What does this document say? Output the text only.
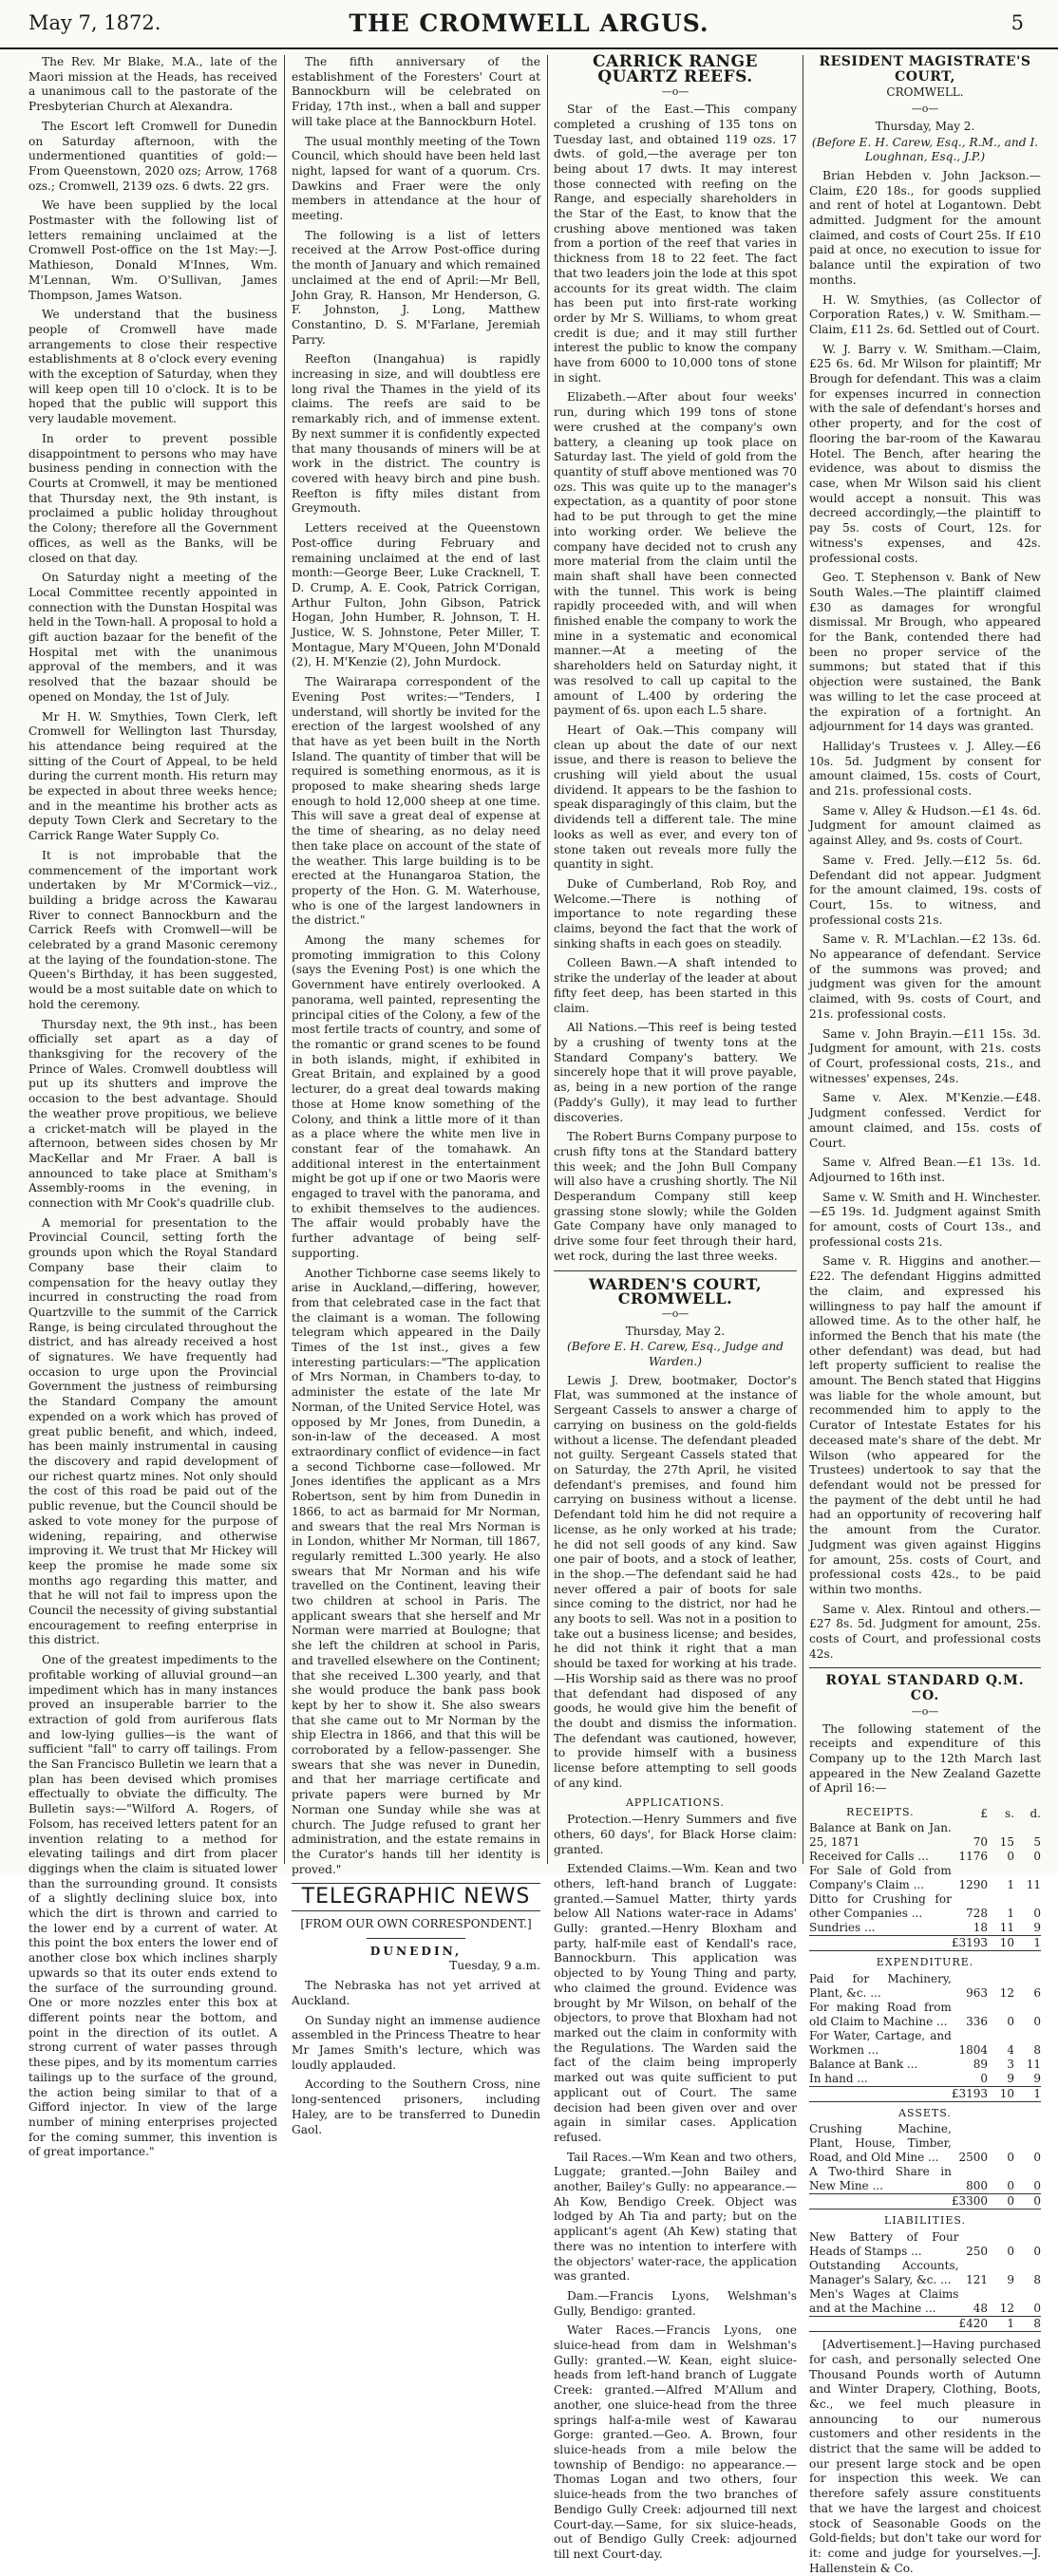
May 7, 1872.	THE CROMWELL ARGUS.	5

The Rev. Mr Blake, M.A., late of the Maori mission at the Heads, has received a unanimous call to the pastorate of the Presbyterian Church at Alexandra.

The Escort left Cromwell for Dunedin on Saturday afternoon, with the undermentioned quantities of gold:—From Queenstown, 2020 ozs; Arrow, 1768 ozs.; Cromwell, 2139 ozs. 6 dwts. 22 grs.

We have been supplied by the local Postmaster with the following list of letters remaining unclaimed at the Cromwell Post-office on the 1st May:—J. Mathieson, Donald M'Innes, Wm. M'Lennan, Wm. O'Sullivan, James Thompson, James Watson.

We understand that the business people of Cromwell have made arrangements to close their respective establishments at 8 o'clock every evening with the exception of Saturday, when they will keep open till 10 o'clock. It is to be hoped that the public will support this very laudable movement.

In order to prevent possible disappointment to persons who may have business pending in connection with the Courts at Cromwell, it may be mentioned that Thursday next, the 9th instant, is proclaimed a public holiday throughout the Colony; therefore all the Government offices, as well as the Banks, will be closed on that day.

On Saturday night a meeting of the Local Committee recently appointed in connection with the Dunstan Hospital was held in the Town-hall. A proposal to hold a gift auction bazaar for the benefit of the Hospital met with the unanimous approval of the members, and it was resolved that the bazaar should be opened on Monday, the 1st of July.

Mr H. W. Smythies, Town Clerk, left Cromwell for Wellington last Thursday, his attendance being required at the sitting of the Court of Appeal, to be held during the current month. His return may be expected in about three weeks hence; and in the meantime his brother acts as deputy Town Clerk and Secretary to the Carrick Range Water Supply Co.

It is not improbable that the commencement of the important work undertaken by Mr M'Cormick—viz., building a bridge across the Kawarau River to connect Bannockburn and the Carrick Reefs with Cromwell—will be celebrated by a grand Masonic ceremony at the laying of the foundation-stone. The Queen's Birthday, it has been suggested, would be a most suitable date on which to hold the ceremony.

Thursday next, the 9th inst., has been officially set apart as a day of thanksgiving for the recovery of the Prince of Wales. Cromwell doubtless will put up its shutters and improve the occasion to the best advantage. Should the weather prove propitious, we believe a cricket-match will be played in the afternoon, between sides chosen by Mr MacKellar and Mr Fraer. A ball is announced to take place at Smitham's Assembly-rooms in the evening, in connection with Mr Cook's quadrille club.

A memorial for presentation to the Provincial Council, setting forth the grounds upon which the Royal Standard Company base their claim to compensation for the heavy outlay they incurred in constructing the road from Quartzville to the summit of the Carrick Range, is being circulated throughout the district, and has already received a host of signatures. We have frequently had occasion to urge upon the Provincial Government the justness of reimbursing the Standard Company the amount expended on a work which has proved of great public benefit, and which, indeed, has been mainly instrumental in causing the discovery and rapid development of our richest quartz mines. Not only should the cost of this road be paid out of the public revenue, but the Council should be asked to vote money for the purpose of widening, repairing, and otherwise improving it. We trust that Mr Hickey will keep the promise he made some six months ago regarding this matter, and that he will not fail to impress upon the Council the necessity of giving substantial encouragement to reefing enterprise in this district.

One of the greatest impediments to the profitable working of alluvial ground—an impediment which has in many instances proved an insuperable barrier to the extraction of gold from auriferous flats and low-lying gullies—is the want of sufficient "fall" to carry off tailings. From the San Francisco Bulletin we learn that a plan has been devised which promises effectually to obviate the difficulty. The Bulletin says:—"Wilford A. Rogers, of Folsom, has received letters patent for an invention relating to a method for elevating tailings and dirt from placer diggings when the claim is situated lower than the surrounding ground. It consists of a slightly declining sluice box, into which the dirt is thrown and carried to the lower end by a current of water. At this point the box enters the lower end of another close box which inclines sharply upwards so that its outer ends extend to the surface of the surrounding ground. One or more nozzles enter this box at different points near the bottom, and point in the direction of its outlet. A strong current of water passes through these pipes, and by its momentum carries tailings up to the surface of the ground, the action being similar to that of a Gifford injector. In view of the large number of mining enterprises projected for the coming summer, this invention is of great importance."

The fifth anniversary of the establishment of the Foresters' Court at Bannockburn will be celebrated on Friday, 17th inst., when a ball and supper will take place at the Bannockburn Hotel.

The usual monthly meeting of the Town Council, which should have been held last night, lapsed for want of a quorum. Crs. Dawkins and Fraer were the only members in attendance at the hour of meeting.

The following is a list of letters received at the Arrow Post-office during the month of January and which remained unclaimed at the end of April:—Mr Bell, John Gray, R. Hanson, Mr Henderson, G. F. Johnston, J. Long, Matthew Constantino, D. S. M'Farlane, Jeremiah Parry.

Reefton (Inangahua) is rapidly increasing in size, and will doubtless ere long rival the Thames in the yield of its claims. The reefs are said to be remarkably rich, and of immense extent. By next summer it is confidently expected that many thousands of miners will be at work in the district. The country is covered with heavy birch and pine bush. Reefton is fifty miles distant from Greymouth.

Letters received at the Queenstown Post-office during February and remaining unclaimed at the end of last month:—George Beer, Luke Cracknell, T. D. Crump, A. E. Cook, Patrick Corrigan, Arthur Fulton, John Gibson, Patrick Hogan, John Humber, R. Johnson, T. H. Justice, W. S. Johnstone, Peter Miller, T. Montague, Mary M'Queen, John M'Donald (2), H. M'Kenzie (2), John Murdock.

The Wairarapa correspondent of the Evening Post writes:—"Tenders, I understand, will shortly be invited for the erection of the largest woolshed of any that have as yet been built in the North Island. The quantity of timber that will be required is something enormous, as it is proposed to make shearing sheds large enough to hold 12,000 sheep at one time. This will save a great deal of expense at the time of shearing, as no delay need then take place on account of the state of the weather. This large building is to be erected at the Hunangaroa Station, the property of the Hon. G. M. Waterhouse, who is one of the largest landowners in the district."

Among the many schemes for promoting immigration to this Colony (says the Evening Post) is one which the Government have entirely overlooked. A panorama, well painted, representing the principal cities of the Colony, a few of the most fertile tracts of country, and some of the romantic or grand scenes to be found in both islands, might, if exhibited in Great Britain, and explained by a good lecturer, do a great deal towards making those at Home know something of the Colony, and think a little more of it than as a place where the white men live in constant fear of the tomahawk. An additional interest in the entertainment might be got up if one or two Maoris were engaged to travel with the panorama, and to exhibit themselves to the audiences. The affair would probably have the further advantage of being self-supporting.

Another Tichborne case seems likely to arise in Auckland,—differing, however, from that celebrated case in the fact that the claimant is a woman. The following telegram which appeared in the Daily Times of the 1st inst., gives a few interesting particulars:—"The application of Mrs Norman, in Chambers to-day, to administer the estate of the late Mr Norman, of the United Service Hotel, was opposed by Mr Jones, from Dunedin, a son-in-law of the deceased. A most extraordinary conflict of evidence—in fact a second Tichborne case—followed. Mr Jones identifies the applicant as a Mrs Robertson, sent by him from Dunedin in 1866, to act as barmaid for Mr Norman, and swears that the real Mrs Norman is in London, whither Mr Norman, till 1867, regularly remitted L.300 yearly. He also swears that Mr Norman and his wife travelled on the Continent, leaving their two children at school in Paris. The applicant swears that she herself and Mr Norman were married at Boulogne; that she left the children at school in Paris, and travelled elsewhere on the Continent; that she received L.300 yearly, and that she would produce the bank pass book kept by her to show it. She also swears that she came out to Mr Norman by the ship Electra in 1866, and that this will be corroborated by a fellow-passenger. She swears that she was never in Dunedin, and that her marriage certificate and private papers were burned by Mr Norman one Sunday while she was at church. The Judge refused to grant her administration, and the estate remains in the Curator's hands till her identity is proved."

TELEGRAPHIC NEWS
[FROM OUR OWN CORRESPONDENT.]
DUNEDIN,
Tuesday, 9 a.m.

The Nebraska has not yet arrived at Auckland.

On Sunday night an immense audience assembled in the Princess Theatre to hear Mr James Smith's lecture, which was loudly applauded.

According to the Southern Cross, nine long-sentenced prisoners, including Haley, are to be transferred to Dunedin Gaol.

CARRICK RANGE QUARTZ REEFS.
—o—

Star of the East.—This company completed a crushing of 135 tons on Tuesday last, and obtained 119 ozs. 17 dwts. of gold,—the average per ton being about 17 dwts. It may interest those connected with reefing on the Range, and especially shareholders in the Star of the East, to know that the crushing above mentioned was taken from a portion of the reef that varies in thickness from 18 to 22 feet. The fact that two leaders join the lode at this spot accounts for its great width. The claim has been put into first-rate working order by Mr S. Williams, to whom great credit is due; and it may still further interest the public to know the company have from 6000 to 10,000 tons of stone in sight.

Elizabeth.—After about four weeks' run, during which 199 tons of stone were crushed at the company's own battery, a cleaning up took place on Saturday last. The yield of gold from the quantity of stuff above mentioned was 70 ozs. This was quite up to the manager's expectation, as a quantity of poor stone had to be put through to get the mine into working order. We believe the company have decided not to crush any more material from the claim until the main shaft shall have been connected with the tunnel. This work is being rapidly proceeded with, and will when finished enable the company to work the mine in a systematic and economical manner.—At a meeting of the shareholders held on Saturday night, it was resolved to call up capital to the amount of L.400 by ordering the payment of 6s. upon each L.5 share.

Heart of Oak.—This company will clean up about the date of our next issue, and there is reason to believe the crushing will yield about the usual dividend. It appears to be the fashion to speak disparagingly of this claim, but the dividends tell a different tale. The mine looks as well as ever, and every ton of stone taken out reveals more fully the quantity in sight.

Duke of Cumberland, Rob Roy, and Welcome.—There is nothing of importance to note regarding these claims, beyond the fact that the work of sinking shafts in each goes on steadily.

Colleen Bawn.—A shaft intended to strike the underlay of the leader at about fifty feet deep, has been started in this claim.

All Nations.—This reef is being tested by a crushing of twenty tons at the Standard Company's battery. We sincerely hope that it will prove payable, as, being in a new portion of the range (Paddy's Gully), it may lead to further discoveries.

The Robert Burns Company purpose to crush fifty tons at the Standard battery this week; and the John Bull Company will also have a crushing shortly. The Nil Desperandum Company still keep grassing stone slowly; while the Golden Gate Company have only managed to drive some four feet through their hard, wet rock, during the last three weeks.

WARDEN'S COURT, CROMWELL.
—o—
Thursday, May 2.
(Before E. H. Carew, Esq., Judge and Warden.)

Lewis J. Drew, bootmaker, Doctor's Flat, was summoned at the instance of Sergeant Cassels to answer a charge of carrying on business on the gold-fields without a license. The defendant pleaded not guilty. Sergeant Cassels stated that on Saturday, the 27th April, he visited defendant's premises, and found him carrying on business without a license. Defendant told him he did not require a license, as he only worked at his trade; he did not sell goods of any kind. Saw one pair of boots, and a stock of leather, in the shop.—The defendant said he had never offered a pair of boots for sale since coming to the district, nor had he any boots to sell. Was not in a position to take out a business license; and besides, he did not think it right that a man should be taxed for working at his trade.—His Worship said as there was no proof that defendant had disposed of any goods, he would give him the benefit of the doubt and dismiss the information. The defendant was cautioned, however, to provide himself with a business license before attempting to sell goods of any kind.

APPLICATIONS.

Protection.—Henry Summers and five others, 60 days', for Black Horse claim: granted.

Extended Claims.—Wm. Kean and two others, left-hand branch of Luggate: granted.—Samuel Matter, thirty yards below All Nations water-race in Adams' Gully: granted.—Henry Bloxham and party, half-mile east of Kendall's race, Bannockburn. This application was objected to by Young Thing and party, who claimed the ground. Evidence was brought by Mr Wilson, on behalf of the objectors, to prove that Bloxham had not marked out the claim in conformity with the Regulations. The Warden said the fact of the claim being improperly marked out was quite sufficient to put applicant out of Court. The same decision had been given over and over again in similar cases. Application refused.

Tail Races.—Wm Kean and two others, Luggate; granted.—John Bailey and another, Bailey's Gully: no appearance.—Ah Kow, Bendigo Creek. Object was lodged by Ah Tia and party; but on the applicant's agent (Ah Kew) stating that there was no intention to interfere with the objectors' water-race, the application was granted.

Dam.—Francis Lyons, Welshman's Gully, Bendigo: granted.

Water Races.—Francis Lyons, one sluice-head from dam in Welshman's Gully: granted.—W. Kean, eight sluice-heads from left-hand branch of Luggate Creek: granted.—Alfred M'Allum and another, one sluice-head from the three springs half-a-mile west of Kawarau Gorge: granted.—Geo. A. Brown, four sluice-heads from a mile below the township of Bendigo: no appearance.—Thomas Logan and two others, four sluice-heads from the two branches of Bendigo Gully Creek: adjourned till next Court-day.—Same, for six sluice-heads, out of Bendigo Gully Creek: adjourned till next Court-day.

RESIDENT MAGISTRATE'S COURT,
CROMWELL.
—o—
Thursday, May 2.
(Before E. H. Carew, Esq., R.M., and I. Loughnan, Esq., J.P.)

Brian Hebden v. John Jackson.—Claim, £20 18s., for goods supplied and rent of hotel at Logantown. Debt admitted. Judgment for the amount claimed, and costs of Court 25s. If £10 paid at once, no execution to issue for balance until the expiration of two months.

H. W. Smythies, (as Collector of Corporation Rates,) v. W. Smitham.—Claim, £11 2s. 6d. Settled out of Court.

W. J. Barry v. W. Smitham.—Claim, £25 6s. 6d. Mr Wilson for plaintiff; Mr Brough for defendant. This was a claim for expenses incurred in connection with the sale of defendant's horses and other property, and for the cost of flooring the bar-room of the Kawarau Hotel. The Bench, after hearing the evidence, was about to dismiss the case, when Mr Wilson said his client would accept a nonsuit. This was decreed accordingly,—the plaintiff to pay 5s. costs of Court, 12s. for witness's expenses, and 42s. professional costs.

Geo. T. Stephenson v. Bank of New South Wales.—The plaintiff claimed £30 as damages for wrongful dismissal. Mr Brough, who appeared for the Bank, contended there had been no proper service of the summons; but stated that if this objection were sustained, the Bank was willing to let the case proceed at the expiration of a fortnight. An adjournment for 14 days was granted.

Halliday's Trustees v. J. Alley.—£6 10s. 5d. Judgment by consent for amount claimed, 15s. costs of Court, and 21s. professional costs.

Same v. Alley & Hudson.—£1 4s. 6d. Judgment for amount claimed as against Alley, and 9s. costs of Court.

Same v. Fred. Jelly.—£12 5s. 6d. Defendant did not appear. Judgment for the amount claimed, 19s. costs of Court, 15s. to witness, and professional costs 21s.

Same v. R. M'Lachlan.—£2 13s. 6d. No appearance of defendant. Service of the summons was proved; and judgment was given for the amount claimed, with 9s. costs of Court, and 21s. professional costs.

Same v. John Brayin.—£11 15s. 3d. Judgment for amount, with 21s. costs of Court, professional costs, 21s., and witnesses' expenses, 24s.

Same v. Alex. M'Kenzie.—£48. Judgment confessed. Verdict for amount claimed, and 15s. costs of Court.

Same v. Alfred Bean.—£1 13s. 1d. Adjourned to 16th inst.

Same v. W. Smith and H. Winchester.—£5 19s. 1d. Judgment against Smith for amount, costs of Court 13s., and professional costs 21s.

Same v. R. Higgins and another.—£22. The defendant Higgins admitted the claim, and expressed his willingness to pay half the amount if allowed time. As to the other half, he informed the Bench that his mate (the other defendant) was dead, but had left property sufficient to realise the amount. The Bench stated that Higgins was liable for the whole amount, but recommended him to apply to the Curator of Intestate Estates for his deceased mate's share of the debt. Mr Wilson (who appeared for the Trustees) undertook to say that the defendant would not be pressed for the payment of the debt until he had had an opportunity of recovering half the amount from the Curator. Judgment was given against Higgins for amount, 25s. costs of Court, and professional costs 42s., to be paid within two months.

Same v. Alex. Rintoul and others.—£27 8s. 5d. Judgment for amount, 25s. costs of Court, and professional costs 42s.

ROYAL STANDARD Q.M. CO.
—o—

The following statement of the receipts and expenditure of this Company up to the 12th March last appeared in the New Zealand Gazette of April 16:—

RECEIPTS.	£	s.	d.
Balance at Bank on Jan. 25, 1871	70	15	5
Received for Calls ...	1176	0	0
For Sale of Gold from Company's Claim ...	1290	1	11
Ditto for Crushing for other Companies ...	728	1	0
Sundries ...	18	11	9
	£3193	10	1
EXPENDITURE.
Paid for Machinery, Plant, &c. ...	963	12	6
For making Road from old Claim to Machine ...	336	0	0
For Water, Cartage, and Workmen ...	1804	4	8
Balance at Bank ...	89	3	11
In hand ...	0	9	9
	£3193	10	1
ASSETS.
Crushing Machine, Plant, House, Timber, Road, and Old Mine ...	2500	0	0
A Two-third Share in New Mine ...	800	0	0
	£3300	0	0
LIABILITIES.
New Battery of Four Heads of Stamps ...	250	0	0
Outstanding Accounts, Manager's Salary, &c. ...	121	9	8
Men's Wages at Claims and at the Machine ...	48	12	0
	£420	1	8

[Advertisement.]—Having purchased for cash, and personally selected One Thousand Pounds worth of Autumn and Winter Drapery, Clothing, Boots, &c., we feel much pleasure in announcing to our numerous customers and other residents in the district that the same will be added to our present large stock and be open for inspection this week. We can therefore safely assure constituents that we have the largest and choicest stock of Seasonable Goods on the Gold-fields; but don't take our word for it: come and judge for yourselves.—J. Hallenstein & Co.
